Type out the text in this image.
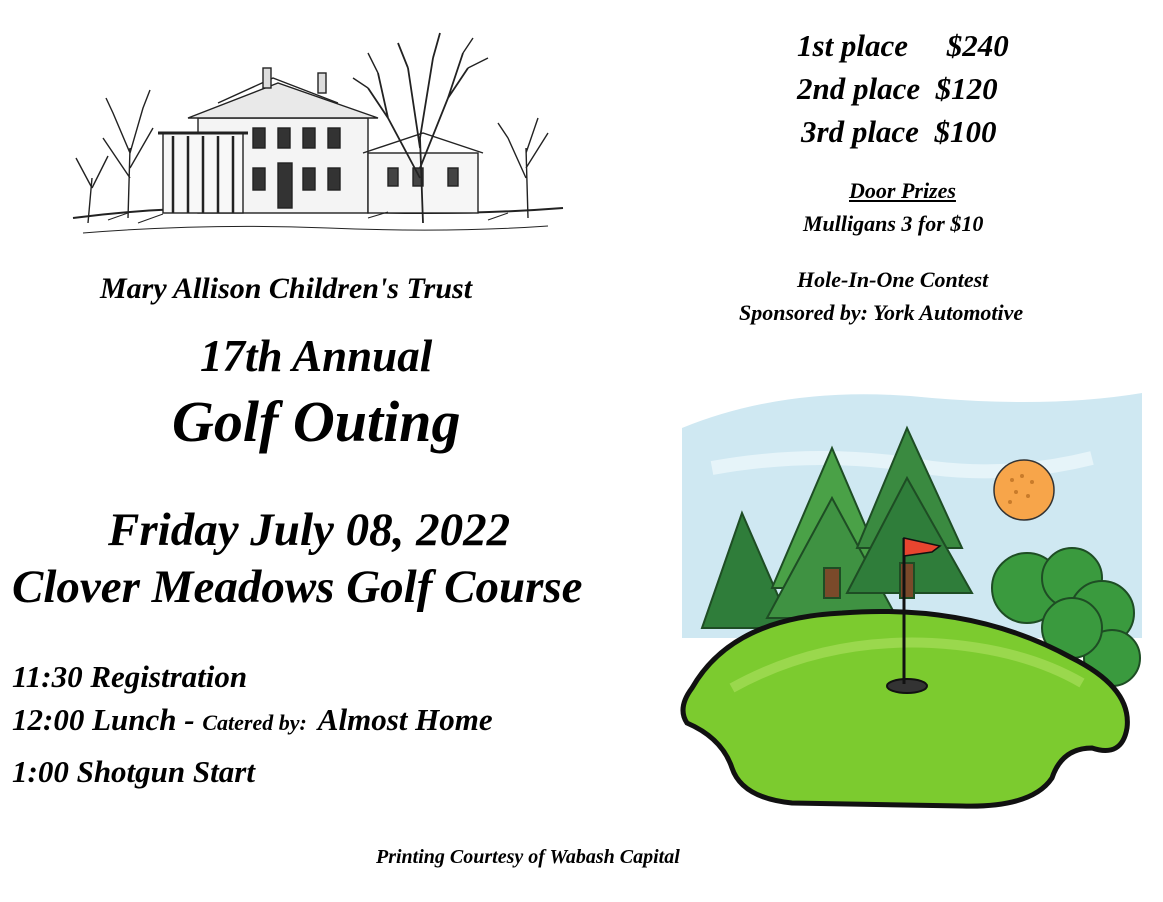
1st place     $240
2nd place  $120
3rd place  $100
Door Prizes
Mulligans 3 for $10
Hole-In-One Contest
Sponsored by: York Automotive
Mary Allison Children's Trust
17th Annual
Golf Outing
Friday July 08, 2022
Clover Meadows Golf Course
11:30 Registration
12:00 Lunch - Catered by:  Almost Home
1:00 Shotgun Start
Printing Courtesy of Wabash Capital
